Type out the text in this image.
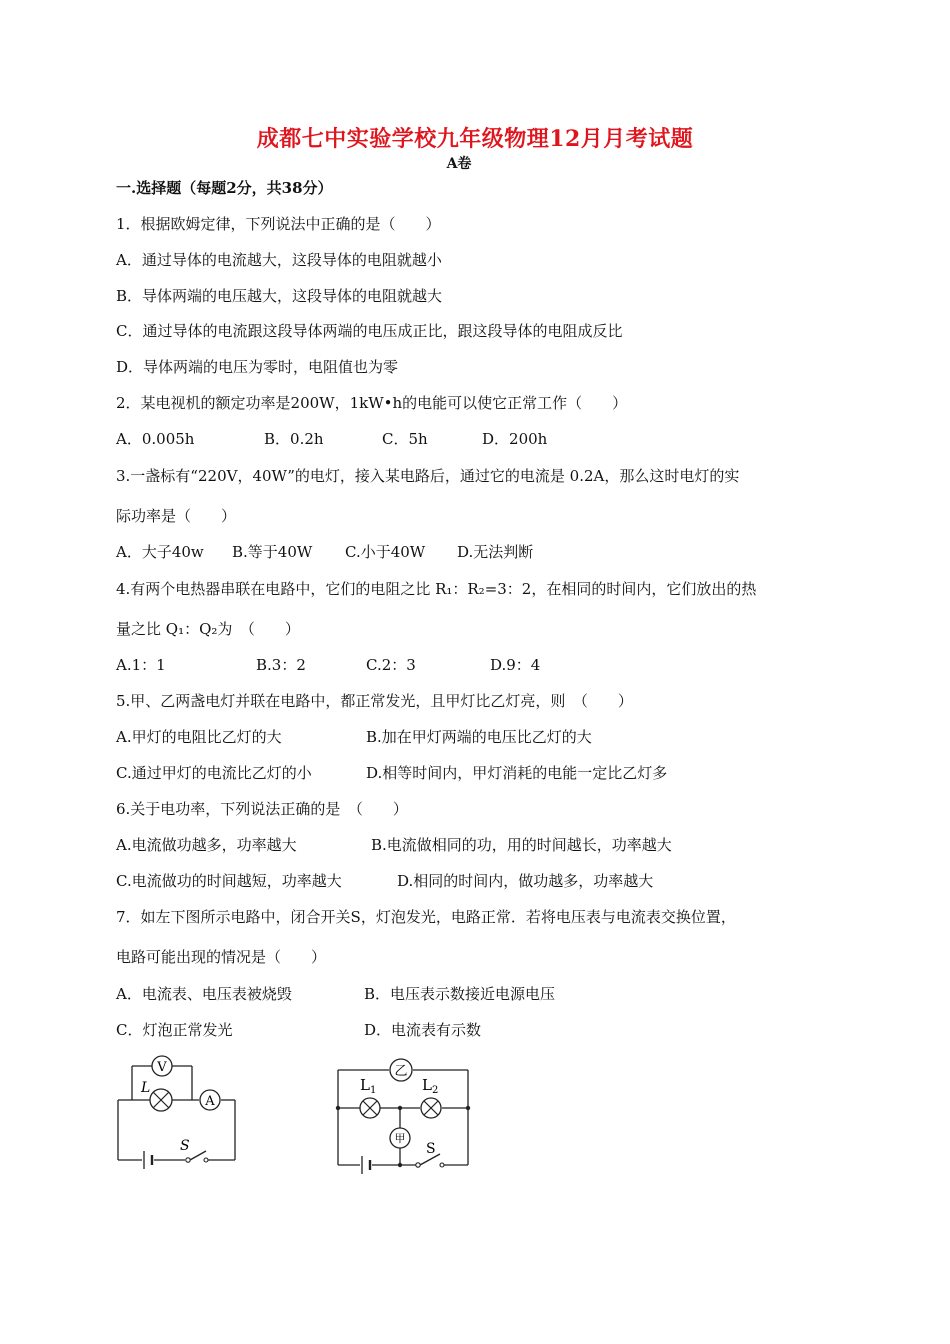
成都七中实验学校九年级物理12月月考试题
A卷
一.选择题（每题2分，共38分）
1．根据欧姆定律，下列说法中正确的是（　　）
A．通过导体的电流越大，这段导体的电阻就越小
B．导体两端的电压越大，这段导体的电阻就越大
C．通过导体的电流跟这段导体两端的电压成正比，跟这段导体的电阻成反比
D．导体两端的电压为零时，电阻值也为零
2．某电视机的额定功率是200W，1kW•h的电能可以使它正常工作（　　）
A．0.005h	B．0.2h	C．5h	D．200h
3.一盏标有“220V，40W”的电灯，接入某电路后，通过它的电流是 0.2A，那么这时电灯的实
际功率是（　　）
A．大子40w B.等于40W C.小于40W D.无法判断
4.有两个电热器串联在电路中，它们的电阻之比 R₁：R₂=3：2，在相同的时间内，它们放出的热
量之比 Q₁：Q₂为　（　　）
A.1：1	B.3：2	C.2：3	D.9：4
5.甲、乙两盏电灯并联在电路中，都正常发光，且甲灯比乙灯亮，则　（　　）
A.甲灯的电阻比乙灯的大	B.加在甲灯两端的电压比乙灯的大
C.通过甲灯的电流比乙灯的小	D.相等时间内，甲灯消耗的电能一定比乙灯多
6.关于电功率，下列说法正确的是　（　　）
A.电流做功越多，功率越大	B.电流做相同的功，用的时间越长，功率越大
C.电流做功的时间越短，功率越大	D.相同的时间内，做功越多，功率越大
7．如左下图所示电路中，闭合开关S，灯泡发光，电路正常．若将电压表与电流表交换位置，
电路可能出现的情况是（　　）
A．电流表、电压表被烧毁	B．电压表示数接近电源电压
C．灯泡正常发光	D．电流表有示数
V
L
A
S
乙
$L_1$	$L_2$
甲
S
